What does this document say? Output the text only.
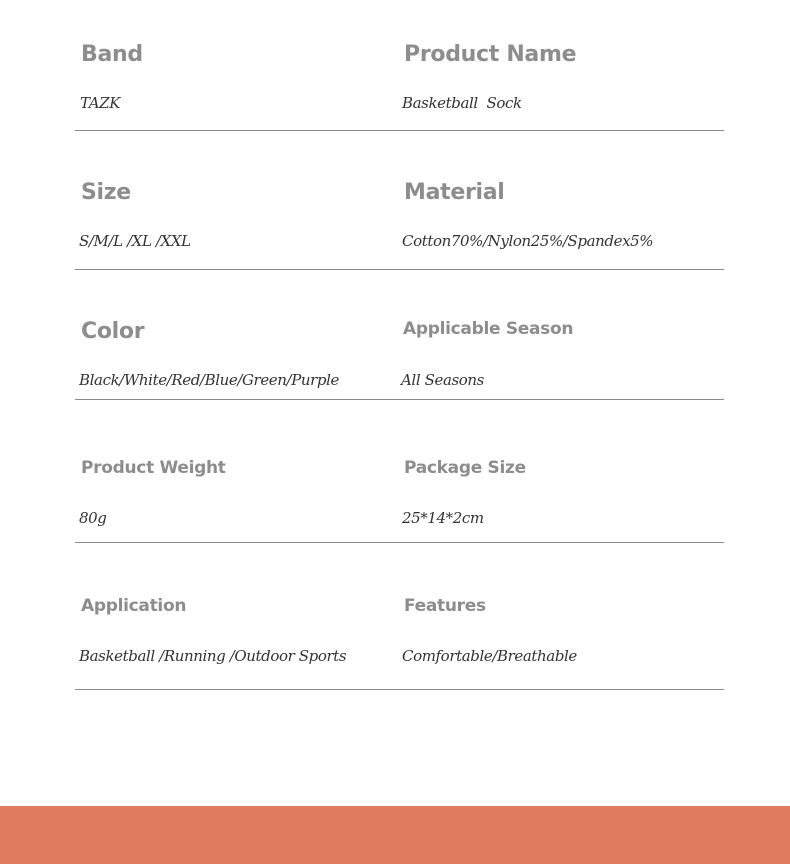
Band	Product Name
TAZK	Basketball  Sock
Size	Material
S/M/L /XL /XXL	Cotton70%/Nylon25%/Spandex5%
Color	Applicable Season
Black/White/Red/Blue/Green/Purple	All Seasons
Product Weight	Package Size
80g	25*14*2cm
Application	Features
Basketball /Running /Outdoor Sports	Comfortable/Breathable
